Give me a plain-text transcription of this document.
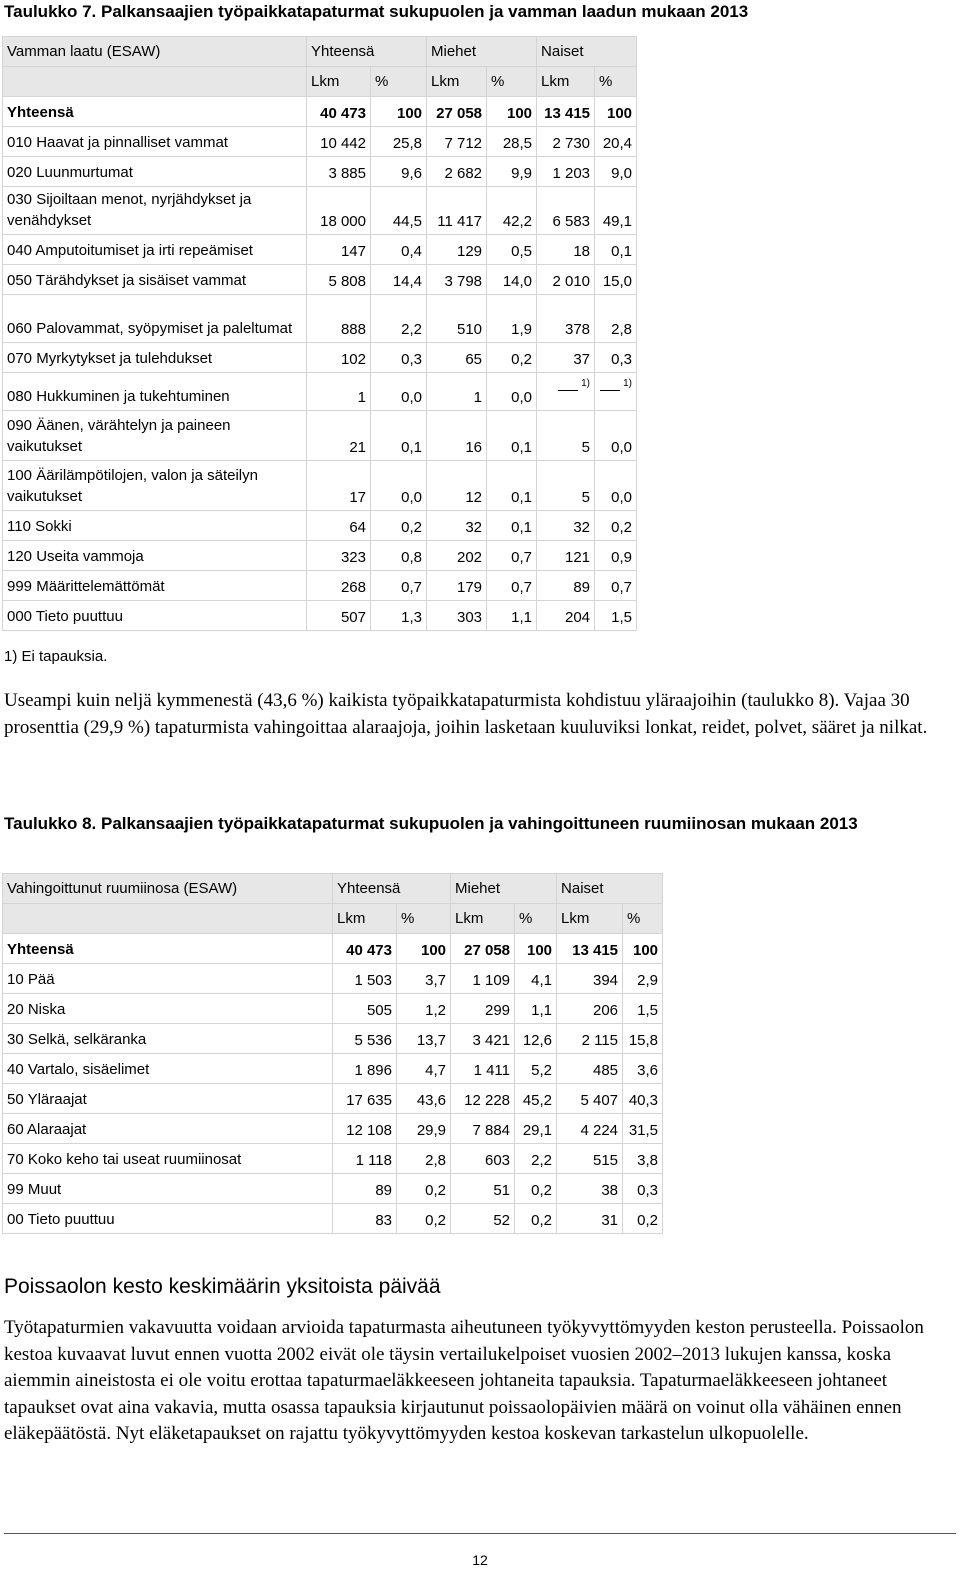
Taulukko 7. Palkansaajien työpaikkatapaturmat sukupuolen ja vamman laadun mukaan 2013
Vamman laatu (ESAW)	Yhteensä		Miehet		Naiset	
	Lkm	%	Lkm	%	Lkm	%
Yhteensä	40 473	100	27 058	100	13 415	100
010 Haavat ja pinnalliset vammat	10 442	25,8	7 712	28,5	2 730	20,4
020 Luunmurtumat	3 885	9,6	2 682	9,9	1 203	9,0
030 Sijoiltaan menot, nyrjähdykset ja venähdykset	18 000	44,5	11 417	42,2	6 583	49,1
040 Amputoitumiset ja irti repeämiset	147	0,4	129	0,5	18	0,1
050 Tärähdykset ja sisäiset vammat	5 808	14,4	3 798	14,0	2 010	15,0
060 Palovammat, syöpymiset ja paleltumat	888	2,2	510	1,9	378	2,8
070 Myrkytykset ja tulehdukset	102	0,3	65	0,2	37	0,3
080 Hukkuminen ja tukehtuminen	1	0,0	1	0,0	$^{1)}$	$^{1)}$
090 Äänen, värähtelyn ja paineen vaikutukset	21	0,1	16	0,1	5	0,0
100 Äärilämpötilojen, valon ja säteilyn vaikutukset	17	0,0	12	0,1	5	0,0
110 Sokki	64	0,2	32	0,1	32	0,2
120 Useita vammoja	323	0,8	202	0,7	121	0,9
999 Määrittelemättömät	268	0,7	179	0,7	89	0,7
000 Tieto puuttuu	507	1,3	303	1,1	204	1,5

1) Ei tapauksia.

Useampi kuin neljä kymmenestä (43,6 %) kaikista työpaikkatapaturmista kohdistuu yläraajoihin (taulukko 8). Vajaa 30 prosenttia (29,9 %) tapaturmista vahingoittaa alaraajoja, joihin lasketaan kuuluviksi lonkat, reidet, polvet, sääret ja nilkat.

Taulukko 8. Palkansaajien työpaikkatapaturmat sukupuolen ja vahingoittuneen ruumiinosan mukaan 2013
Vahingoittunut ruumiinosa (ESAW)	Yhteensä		Miehet		Naiset	
	Lkm	%	Lkm	%	Lkm	%
Yhteensä	40 473	100	27 058	100	13 415	100
10 Pää	1 503	3,7	1 109	4,1	394	2,9
20 Niska	505	1,2	299	1,1	206	1,5
30 Selkä, selkäranka	5 536	13,7	3 421	12,6	2 115	15,8
40 Vartalo, sisäelimet	1 896	4,7	1 411	5,2	485	3,6
50 Yläraajat	17 635	43,6	12 228	45,2	5 407	40,3
60 Alaraajat	12 108	29,9	7 884	29,1	4 224	31,5
70 Koko keho tai useat ruumiinosat	1 118	2,8	603	2,2	515	3,8
99 Muut	89	0,2	51	0,2	38	0,3
00 Tieto puuttuu	83	0,2	52	0,2	31	0,2
Poissaolon kesto keskimäärin yksitoista päivää

Työtapaturmien vakavuutta voidaan arvioida tapaturmasta aiheutuneen työkyvyttömyyden keston perusteella. Poissaolon kestoa kuvaavat luvut ennen vuotta 2002 eivät ole täysin vertailukelpoiset vuosien 2002–2013 lukujen kanssa, koska aiemmin aineistosta ei ole voitu erottaa tapaturmaeläkkeeseen johtaneita tapauksia. Tapaturmaeläkkeeseen johtaneet tapaukset ovat aina vakavia, mutta osassa tapauksia kirjautunut poissaolopäivien määrä on voinut olla vähäinen ennen eläkepäätöstä. Nyt eläketapaukset on rajattu työkyvyttömyyden kestoa koskevan tarkastelun ulkopuolelle.

12
